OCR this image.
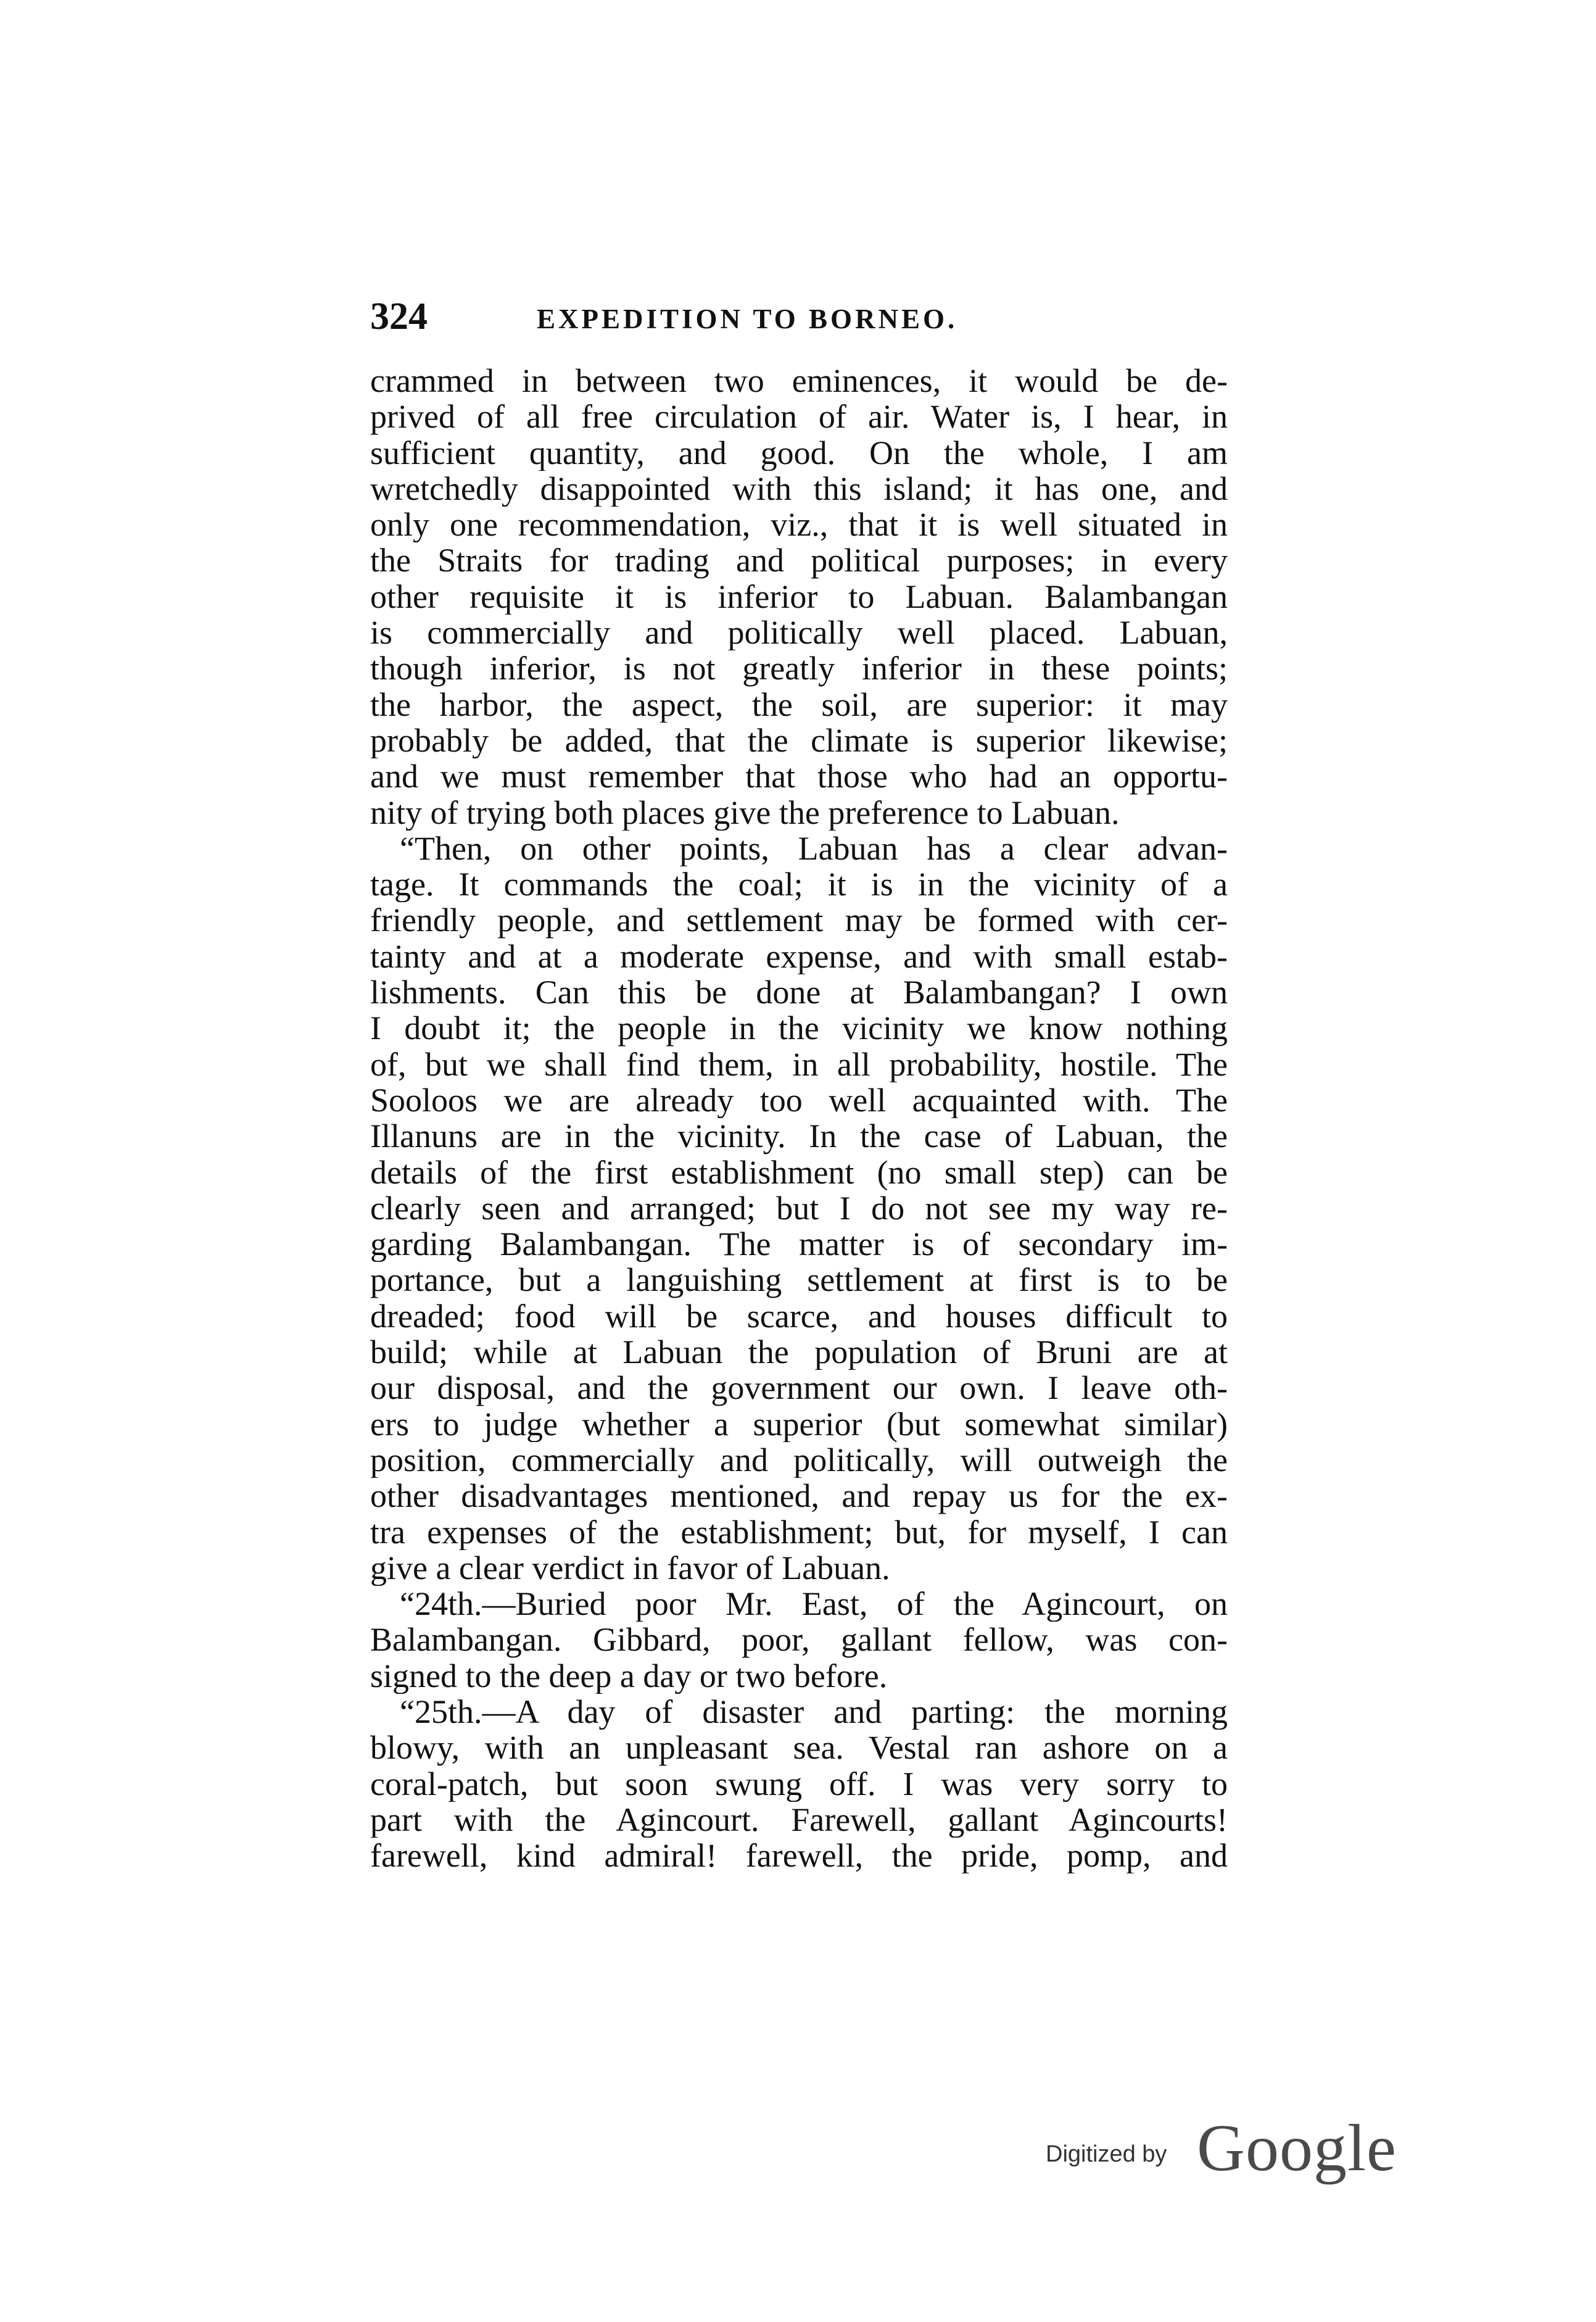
324	EXPEDITION TO BORNEO.
crammed in between two eminences, it would be de-
prived of all free circulation of air. Water is, I hear, in
sufficient quantity, and good. On the whole, I am
wretchedly disappointed with this island; it has one, and
only one recommendation, viz., that it is well situated in
the Straits for trading and political purposes; in every
other requisite it is inferior to Labuan. Balambangan
is commercially and politically well placed. Labuan,
though inferior, is not greatly inferior in these points;
the harbor, the aspect, the soil, are superior: it may
probably be added, that the climate is superior likewise;
and we must remember that those who had an opportu-
nity of trying both places give the preference to Labuan.
“Then, on other points, Labuan has a clear advan-
tage. It commands the coal; it is in the vicinity of a
friendly people, and settlement may be formed with cer-
tainty and at a moderate expense, and with small estab-
lishments. Can this be done at Balambangan? I own
I doubt it; the people in the vicinity we know nothing
of, but we shall find them, in all probability, hostile. The
Sooloos we are already too well acquainted with. The
Illanuns are in the vicinity. In the case of Labuan, the
details of the first establishment (no small step) can be
clearly seen and arranged; but I do not see my way re-
garding Balambangan. The matter is of secondary im-
portance, but a languishing settlement at first is to be
dreaded; food will be scarce, and houses difficult to
build; while at Labuan the population of Bruni are at
our disposal, and the government our own. I leave oth-
ers to judge whether a superior (but somewhat similar)
position, commercially and politically, will outweigh the
other disadvantages mentioned, and repay us for the ex-
tra expenses of the establishment; but, for myself, I can
give a clear verdict in favor of Labuan.
“24th.—Buried poor Mr. East, of the Agincourt, on
Balambangan. Gibbard, poor, gallant fellow, was con-
signed to the deep a day or two before.
“25th.—A day of disaster and parting: the morning
blowy, with an unpleasant sea. Vestal ran ashore on a
coral-patch, but soon swung off. I was very sorry to
part with the Agincourt. Farewell, gallant Agincourts!
farewell, kind admiral! farewell, the pride, pomp, and
Digitized by Google
